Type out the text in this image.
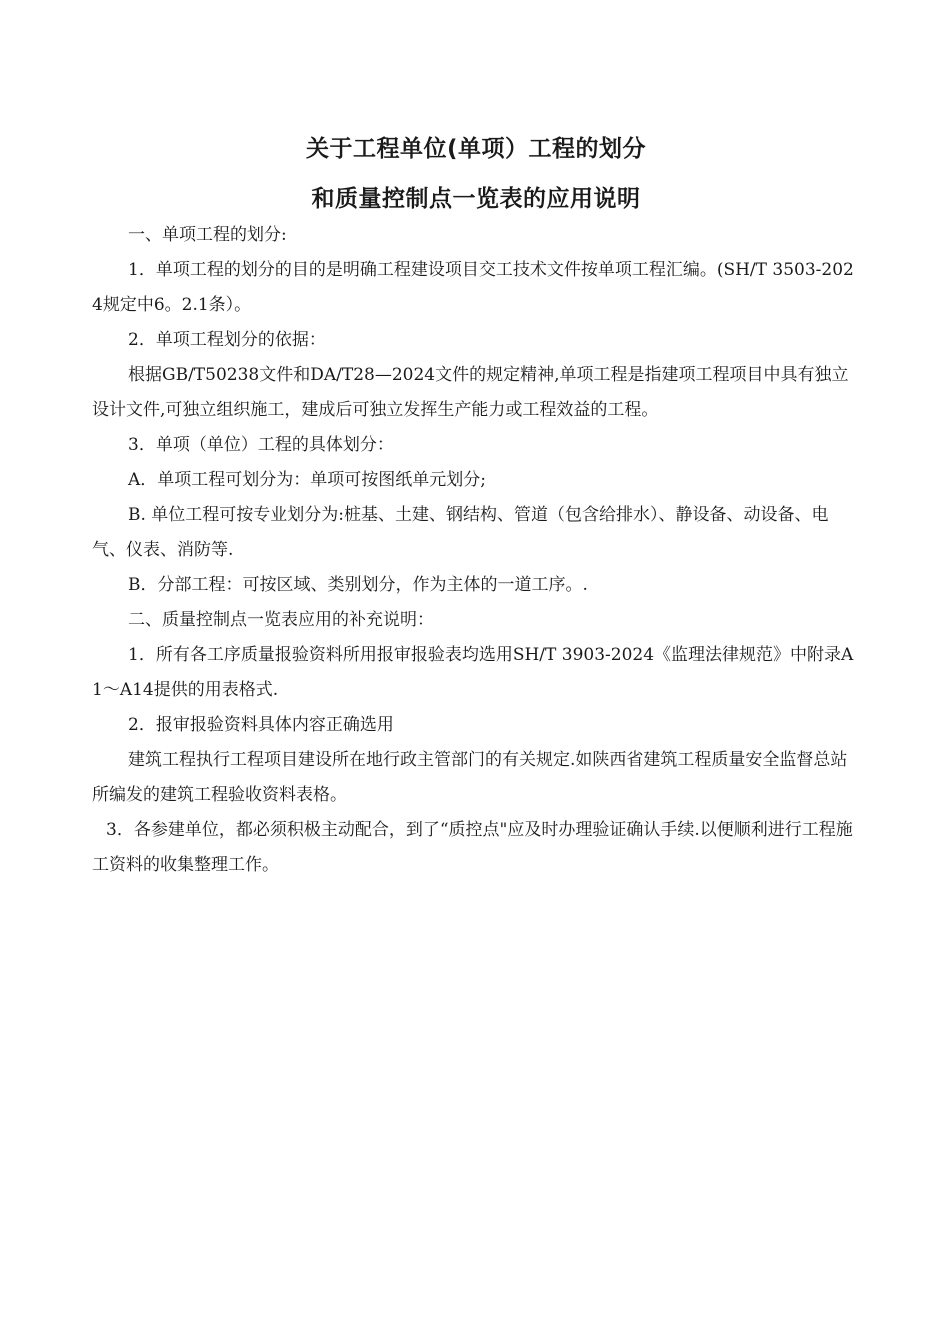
关于工程单位(单项）工程的划分
和质量控制点一览表的应用说明

一、单项工程的划分:

1．单项工程的划分的目的是明确工程建设项目交工技术文件按单项工程汇编。(SH/T 3503-2024规定中6。2.1条）。

2．单项工程划分的依据：

根据GB/T50238文件和DA/T28—2024文件的规定精神,单项工程是指建项工程项目中具有独立设计文件,可独立组织施工，建成后可独立发挥生产能力或工程效益的工程。

3．单项（单位）工程的具体划分：

A．单项工程可划分为：单项可按图纸单元划分;

B. 单位工程可按专业划分为:桩基、土建、钢结构、管道（包含给排水）、静设备、动设备、电气、仪表、消防等.

B．分部工程：可按区域、类别划分，作为主体的一道工序。.

二、质量控制点一览表应用的补充说明：

1．所有各工序质量报验资料所用报审报验表均选用SH/T 3903-2024《监理法律规范》中附录A1～A14提供的用表格式.

2．报审报验资料具体内容正确选用

建筑工程执行工程项目建设所在地行政主管部门的有关规定.如陕西省建筑工程质量安全监督总站所编发的建筑工程验收资料表格。

3．各参建单位，都必须积极主动配合，到了“质控点"应及时办理验证确认手续.以便顺利进行工程施工资料的收集整理工作。
